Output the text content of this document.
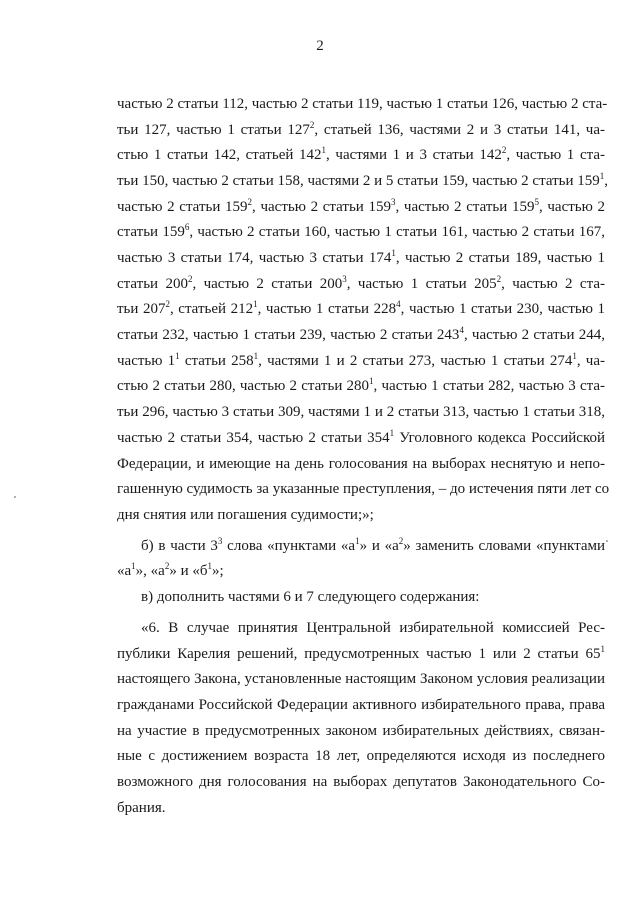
2
частью 2 статьи 112, частью 2 статьи 119, частью 1 статьи 126, частью 2 ста-
тьи 127, частью 1 статьи $127^2$, статьей 136, частями 2 и 3 статьи 141, ча-
стью 1 статьи 142, статьей $142^1$, частями 1 и 3 статьи $142^2$, частью 1 ста-
тьи 150, частью 2 статьи 158, частями 2 и 5 статьи 159, частью 2 статьи $159^1$,
частью 2 статьи $159^2$, частью 2 статьи $159^3$, частью 2 статьи $159^5$, частью 2
статьи $159^6$, частью 2 статьи 160, частью 1 статьи 161, частью 2 статьи 167,
частью 3 статьи 174, частью 3 статьи $174^1$, частью 2 статьи 189, частью 1
статьи $200^2$, частью 2 статьи $200^3$, частью 1 статьи $205^2$, частью 2 ста-
тьи $207^2$, статьей $212^1$, частью 1 статьи $228^4$, частью 1 статьи 230, частью 1
статьи 232, частью 1 статьи 239, частью 2 статьи $243^4$, частью 2 статьи 244,
частью $1^1$ статьи $258^1$, частями 1 и 2 статьи 273, частью 1 статьи $274^1$, ча-
стью 2 статьи 280, частью 2 статьи $280^1$, частью 1 статьи 282, частью 3 ста-
тьи 296, частью 3 статьи 309, частями 1 и 2 статьи 313, частью 1 статьи 318,
частью 2 статьи 354, частью 2 статьи $354^1$ Уголовного кодекса Российской
Федерации, и имеющие на день голосования на выборах неснятую и непо-
гашенную судимость за указанные преступления, – до истечения пяти лет со
дня снятия или погашения судимости;»;
б) в части $3^3$ слова «пунктами «$а^1$» и «$а^2$» заменить словами «пунктами
«$а^1$», «$а^2$» и «$б^1$»;
в) дополнить частями 6 и 7 следующего содержания:
«6. В случае принятия Центральной избирательной комиссией Рес-
публики Карелия решений, предусмотренных частью 1 или 2 статьи $65^1$
настоящего Закона, установленные настоящим Законом условия реализации
гражданами Российской Федерации активного избирательного права, права
на участие в предусмотренных законом избирательных действиях, связан-
ные с достижением возраста 18 лет, определяются исходя из последнего
возможного дня голосования на выборах депутатов Законодательного Со-
брания.
